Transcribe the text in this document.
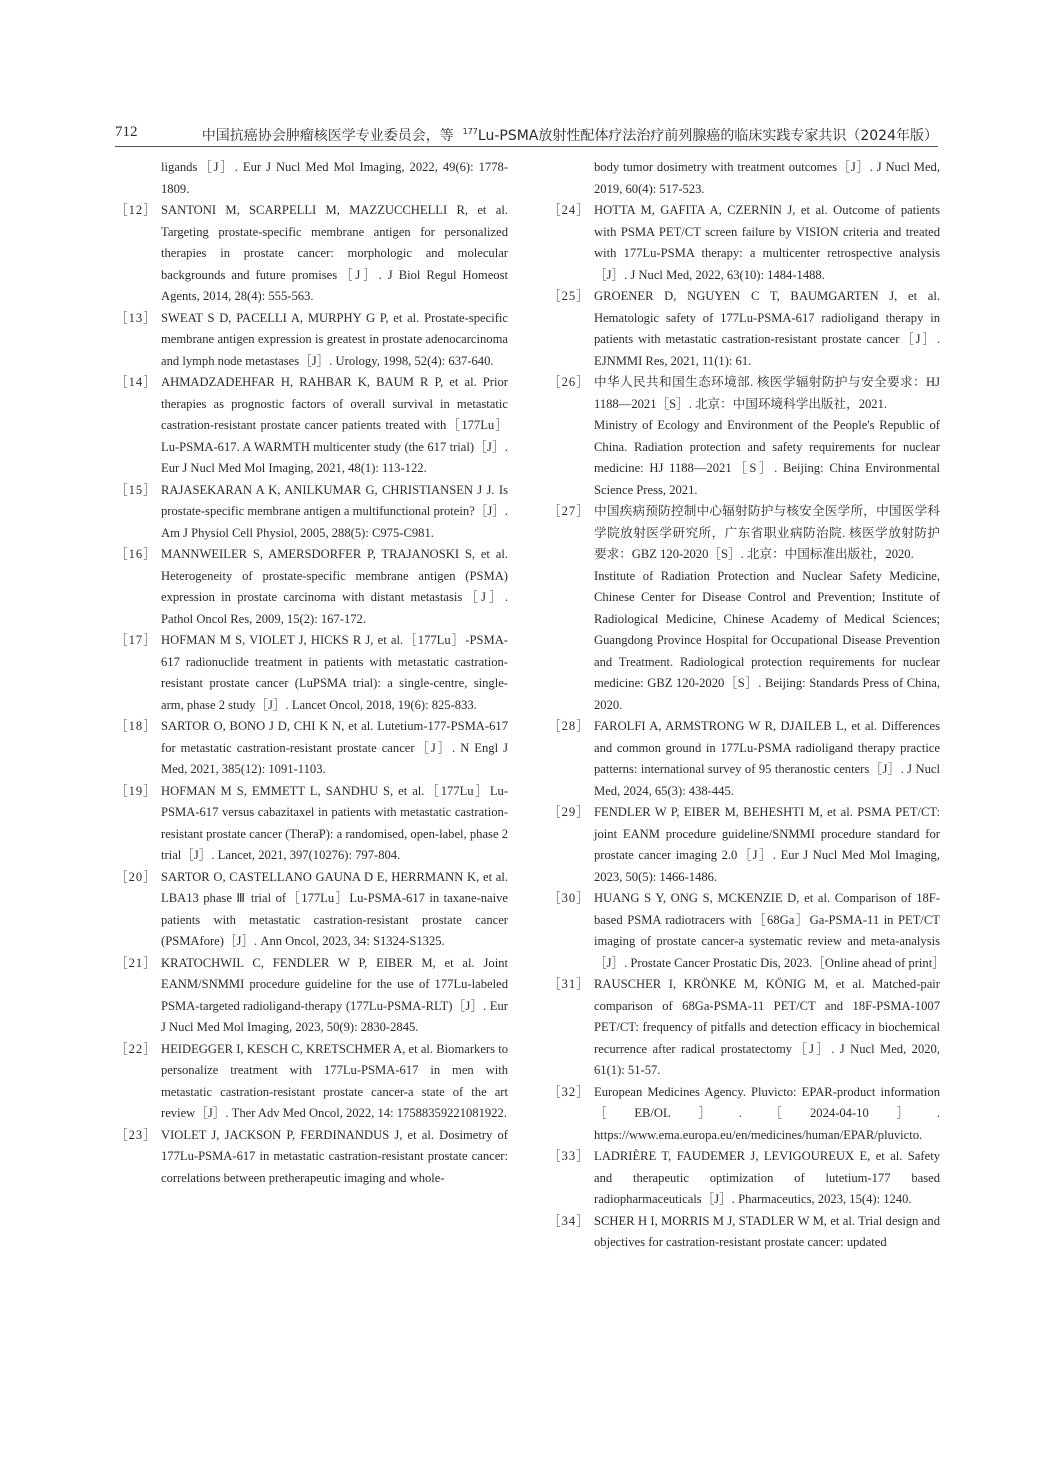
712	中国抗癌协会肿瘤核医学专业委员会，等 $^{177}$Lu-PSMA放射性配体疗法治疗前列腺癌的临床实践专家共识（2024年版）
ligands［J］. Eur J Nucl Med Mol Imaging, 2022, 49(6): 1778-1809.
［12］ SANTONI M, SCARPELLI M, MAZZUCCHELLI R, et al. Targeting prostate-specific membrane antigen for personalized therapies in prostate cancer: morphologic and molecular backgrounds and future promises［J］. J Biol Regul Homeost Agents, 2014, 28(4): 555-563.
［13］ SWEAT S D, PACELLI A, MURPHY G P, et al. Prostate-specific membrane antigen expression is greatest in prostate adenocarcinoma and lymph node metastases［J］. Urology, 1998, 52(4): 637-640.
［14］ AHMADZADEHFAR H, RAHBAR K, BAUM R P, et al. Prior therapies as prognostic factors of overall survival in metastatic castration-resistant prostate cancer patients treated with［177Lu］Lu-PSMA-617. A WARMTH multicenter study (the 617 trial)［J］. Eur J Nucl Med Mol Imaging, 2021, 48(1): 113-122.
［15］ RAJASEKARAN A K, ANILKUMAR G, CHRISTIANSEN J J. Is prostate-specific membrane antigen a multifunctional protein?［J］. Am J Physiol Cell Physiol, 2005, 288(5): C975-C981.
［16］ MANNWEILER S, AMERSDORFER P, TRAJANOSKI S, et al. Heterogeneity of prostate-specific membrane antigen (PSMA) expression in prostate carcinoma with distant metastasis［J］. Pathol Oncol Res, 2009, 15(2): 167-172.
［17］ HOFMAN M S, VIOLET J, HICKS R J, et al.［177Lu］-PSMA-617 radionuclide treatment in patients with metastatic castration-resistant prostate cancer (LuPSMA trial): a single-centre, single-arm, phase 2 study［J］. Lancet Oncol, 2018, 19(6): 825-833.
［18］ SARTOR O, BONO J D, CHI K N, et al. Lutetium-177-PSMA-617 for metastatic castration-resistant prostate cancer［J］. N Engl J Med, 2021, 385(12): 1091-1103.
［19］ HOFMAN M S, EMMETT L, SANDHU S, et al.［177Lu］Lu-PSMA-617 versus cabazitaxel in patients with metastatic castration-resistant prostate cancer (TheraP): a randomised, open-label, phase 2 trial［J］. Lancet, 2021, 397(10276): 797-804.
［20］ SARTOR O, CASTELLANO GAUNA D E, HERRMANN K, et al. LBA13 phase Ⅲ trial of［177Lu］Lu-PSMA-617 in taxane-naive patients with metastatic castration-resistant prostate cancer (PSMAfore)［J］. Ann Oncol, 2023, 34: S1324-S1325.
［21］ KRATOCHWIL C, FENDLER W P, EIBER M, et al. Joint EANM/SNMMI procedure guideline for the use of 177Lu-labeled PSMA-targeted radioligand-therapy (177Lu-PSMA-RLT)［J］. Eur J Nucl Med Mol Imaging, 2023, 50(9): 2830-2845.
［22］ HEIDEGGER I, KESCH C, KRETSCHMER A, et al. Biomarkers to personalize treatment with 177Lu-PSMA-617 in men with metastatic castration-resistant prostate cancer-a state of the art review［J］. Ther Adv Med Oncol, 2022, 14: 17588359221081922.
［23］ VIOLET J, JACKSON P, FERDINANDUS J, et al. Dosimetry of 177Lu-PSMA-617 in metastatic castration-resistant prostate cancer: correlations between pretherapeutic imaging and whole-
body tumor dosimetry with treatment outcomes［J］. J Nucl Med, 2019, 60(4): 517-523.
［24］ HOTTA M, GAFITA A, CZERNIN J, et al. Outcome of patients with PSMA PET/CT screen failure by VISION criteria and treated with 177Lu-PSMA therapy: a multicenter retrospective analysis［J］. J Nucl Med, 2022, 63(10): 1484-1488.
［25］ GROENER D, NGUYEN C T, BAUMGARTEN J, et al. Hematologic safety of 177Lu-PSMA-617 radioligand therapy in patients with metastatic castration-resistant prostate cancer［J］. EJNMMI Res, 2021, 11(1): 61.
［26］ 中华人民共和国生态环境部. 核医学辐射防护与安全要求：HJ 1188—2021［S］. 北京：中国环境科学出版社，2021.
Ministry of Ecology and Environment of the People's Republic of China. Radiation protection and safety requirements for nuclear medicine: HJ 1188—2021［S］. Beijing: China Environmental Science Press, 2021.
［27］ 中国疾病预防控制中心辐射防护与核安全医学所，中国医学科学院放射医学研究所，广东省职业病防治院. 核医学放射防护要求：GBZ 120-2020［S］. 北京：中国标准出版社，2020.
Institute of Radiation Protection and Nuclear Safety Medicine, Chinese Center for Disease Control and Prevention; Institute of Radiological Medicine, Chinese Academy of Medical Sciences; Guangdong Province Hospital for Occupational Disease Prevention and Treatment. Radiological protection requirements for nuclear medicine: GBZ 120-2020［S］. Beijing: Standards Press of China, 2020.
［28］ FAROLFI A, ARMSTRONG W R, DJAILEB L, et al. Differences and common ground in 177Lu-PSMA radioligand therapy practice patterns: international survey of 95 theranostic centers［J］. J Nucl Med, 2024, 65(3): 438-445.
［29］ FENDLER W P, EIBER M, BEHESHTI M, et al. PSMA PET/CT: joint EANM procedure guideline/SNMMI procedure standard for prostate cancer imaging 2.0［J］. Eur J Nucl Med Mol Imaging, 2023, 50(5): 1466-1486.
［30］ HUANG S Y, ONG S, MCKENZIE D, et al. Comparison of 18F-based PSMA radiotracers with［68Ga］Ga-PSMA-11 in PET/CT imaging of prostate cancer-a systematic review and meta-analysis［J］. Prostate Cancer Prostatic Dis, 2023.［Online ahead of print］
［31］ RAUSCHER I, KRÖNKE M, KÖNIG M, et al. Matched-pair comparison of 68Ga-PSMA-11 PET/CT and 18F-PSMA-1007 PET/CT: frequency of pitfalls and detection efficacy in biochemical recurrence after radical prostatectomy［J］. J Nucl Med, 2020, 61(1): 51-57.
［32］ European Medicines Agency. Pluvicto: EPAR-product information［EB/OL］.［2024-04-10］. https://www.ema.europa.eu/en/medicines/human/EPAR/pluvicto.
［33］ LADRIÈRE T, FAUDEMER J, LEVIGOUREUX E, et al. Safety and therapeutic optimization of lutetium-177 based radiopharmaceuticals［J］. Pharmaceutics, 2023, 15(4): 1240.
［34］ SCHER H I, MORRIS M J, STADLER W M, et al. Trial design and objectives for castration-resistant prostate cancer: updated
